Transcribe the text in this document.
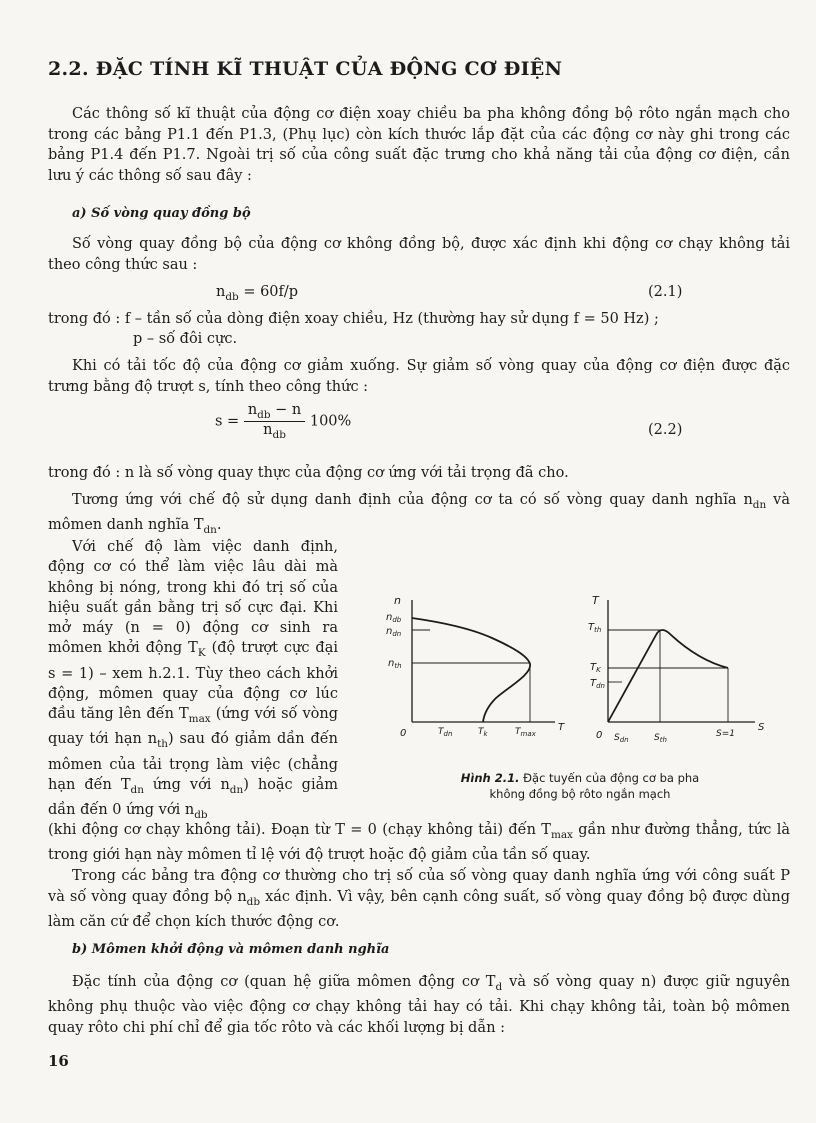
2.2. ĐẶC TÍNH KĨ THUẬT CỦA ĐỘNG CƠ ĐIỆN
Các thông số kĩ thuật của động cơ điện xoay chiều ba pha không đồng bộ rôto ngắn mạch cho trong các bảng P1.1 đến P1.3, (Phụ lục) còn kích thước lắp đặt của các động cơ này ghi trong các bảng P1.4 đến P1.7. Ngoài trị số của công suất đặc trưng cho khả năng tải của động cơ điện, cần lưu ý các thông số sau đây :
a) Số vòng quay đồng bộ
Số vòng quay đồng bộ của động cơ không đồng bộ, được xác định khi động cơ chạy không tải theo công thức sau :
$n_{db} = 60f/p$	(2.1)
trong đó : f – tần số của dòng điện xoay chiều, Hz (thường hay sử dụng f = 50 Hz) ;
p – số đôi cực.
Khi có tải tốc độ của động cơ giảm xuống. Sự giảm số vòng quay của động cơ điện được đặc trưng bằng độ trượt s, tính theo công thức :
$s = \frac{n_{db} - n}{n_{db}} 100\%$
(2.2)
trong đó : n là số vòng quay thực của động cơ ứng với tải trọng đã cho.
Tương ứng với chế độ sử dụng danh định của động cơ ta có số vòng quay danh nghĩa $n_{dn}$ và mômen danh nghĩa $T_{dn}$.
Với chế độ làm việc danh định, động cơ có thể làm việc lâu dài mà không bị nóng, trong khi đó trị số của hiệu suất gần bằng trị số cực đại. Khi mở máy (n = 0) động cơ sinh ra mômen khởi động $T_K$ (độ trượt cực đại s = 1) – xem h.2.1. Tùy theo cách khởi động, mômen quay của động cơ lúc đầu tăng lên đến $T_{max}$ (ứng với số vòng quay tới hạn $n_{th}$) sau đó giảm dần đến mômen của tải trọng làm việc (chẳng hạn đến $T_{dn}$ ứng với $n_{dn}$) hoặc giảm dần đến 0 ứng với $n_{db}$
n
$n_{db}$
$n_{dn}$
$n_{th}$
0
T
$T_{dn}$	$T_k$	$T_{max}$
T
$T_{th}$
$T_K$
$T_{dn}$
0
S
$S_{dn}$	$S_{th}$
S=1
Hình 2.1. Đặc tuyến của động cơ ba pha
không đồng bộ rôto ngắn mạch
(khi động cơ chạy không tải). Đoạn từ T = 0 (chạy không tải) đến $T_{max}$ gần như đường thẳng, tức là trong giới hạn này mômen tỉ lệ với độ trượt hoặc độ giảm của tần số quay.
Trong các bảng tra động cơ thường cho trị số của số vòng quay danh nghĩa ứng với công suất P và số vòng quay đồng bộ $n_{db}$ xác định. Vì vậy, bên cạnh công suất, số vòng quay đồng bộ được dùng làm căn cứ để chọn kích thước động cơ.
b) Mômen khởi động và mômen danh nghĩa
Đặc tính của động cơ (quan hệ giữa mômen động cơ $T_d$ và số vòng quay n) được giữ nguyên không phụ thuộc vào việc động cơ chạy không tải hay có tải. Khi chạy không tải, toàn bộ mômen quay rôto chi phí chỉ để gia tốc rôto và các khối lượng bị dẫn :
16
